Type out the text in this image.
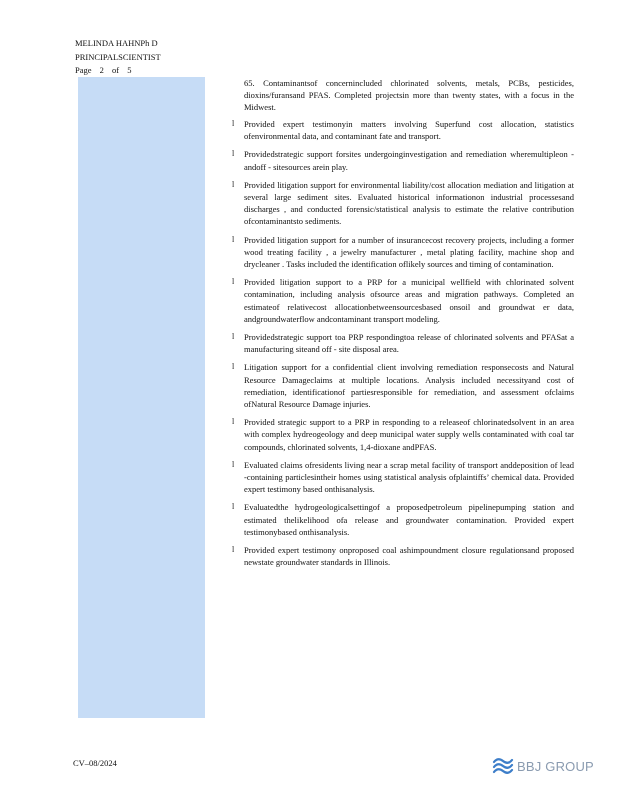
MELINDA HAHNPh D
PRINCIPALSCIENTIST
Page 2 of 5
65. Contaminantsof concernincluded chlorinated solvents, metals, PCBs, pesticides, dioxins/furansand PFAS. Completed projectsin more than twenty states, with a focus in the Midwest.
l	Provided expert testimonyin matters involving Superfund cost allocation, statistics ofenvironmental data, and contaminant fate and transport.
l	Providedstrategic support forsites undergoinginvestigation and remediation wheremultipleon - andoff - sitesources arein play.
l	Provided litigation support for environmental liability/cost allocation mediation and litigation at several large sediment sites. Evaluated historical informationon industrial processesand discharges , and conducted forensic/statistical analysis to estimate the relative contribution ofcontaminantsto sediments.
l	Provided litigation support for a number of insurancecost recovery projects, including a former wood treating facility , a jewelry manufacturer , metal plating facility, machine shop and drycleaner . Tasks included the identification oflikely sources and timing of contamination.
l	Provided litigation support to a PRP for a municipal wellfield with chlorinated solvent contamination, including analysis ofsource areas and migration pathways. Completed an estimateof relativecost allocationbetweensourcesbased onsoil and groundwat er data, andgroundwaterflow andcontaminant transport modeling.
l	Providedstrategic support toa PRP respondingtoa release of chlorinated solvents and PFASat a manufacturing siteand off - site disposal area.
l	Litigation support for a confidential client involving remediation responsecosts and Natural Resource Damageclaims at multiple locations. Analysis included necessityand cost of remediation, identificationof partiesresponsible for remediation, and assessment ofclaims ofNatural Resource Damage injuries.
l	Provided strategic support to a PRP in responding to a releaseof chlorinatedsolvent in an area with complex hydreogeology and deep municipal water supply wells contaminated with coal tar compounds, chlorinated solvents, 1,4-dioxane andPFAS.
l	Evaluated claims ofresidents living near a scrap metal facility of transport anddeposition of lead -containing particlesintheir homes using statistical analysis ofplaintiffs’ chemical data. Provided expert testimony based onthisanalysis.
l	Evaluatedthe hydrogeologicalsettingof a proposedpetroleum pipelinepumping station and estimated thelikelihood ofa release and groundwater contamination. Provided expert testimonybased onthisanalysis.
l	Provided expert testimony onproposed coal ashimpoundment closure regulationsand proposed newstate groundwater standards in Illinois.
CV–08/2024	BBJ GROUP
